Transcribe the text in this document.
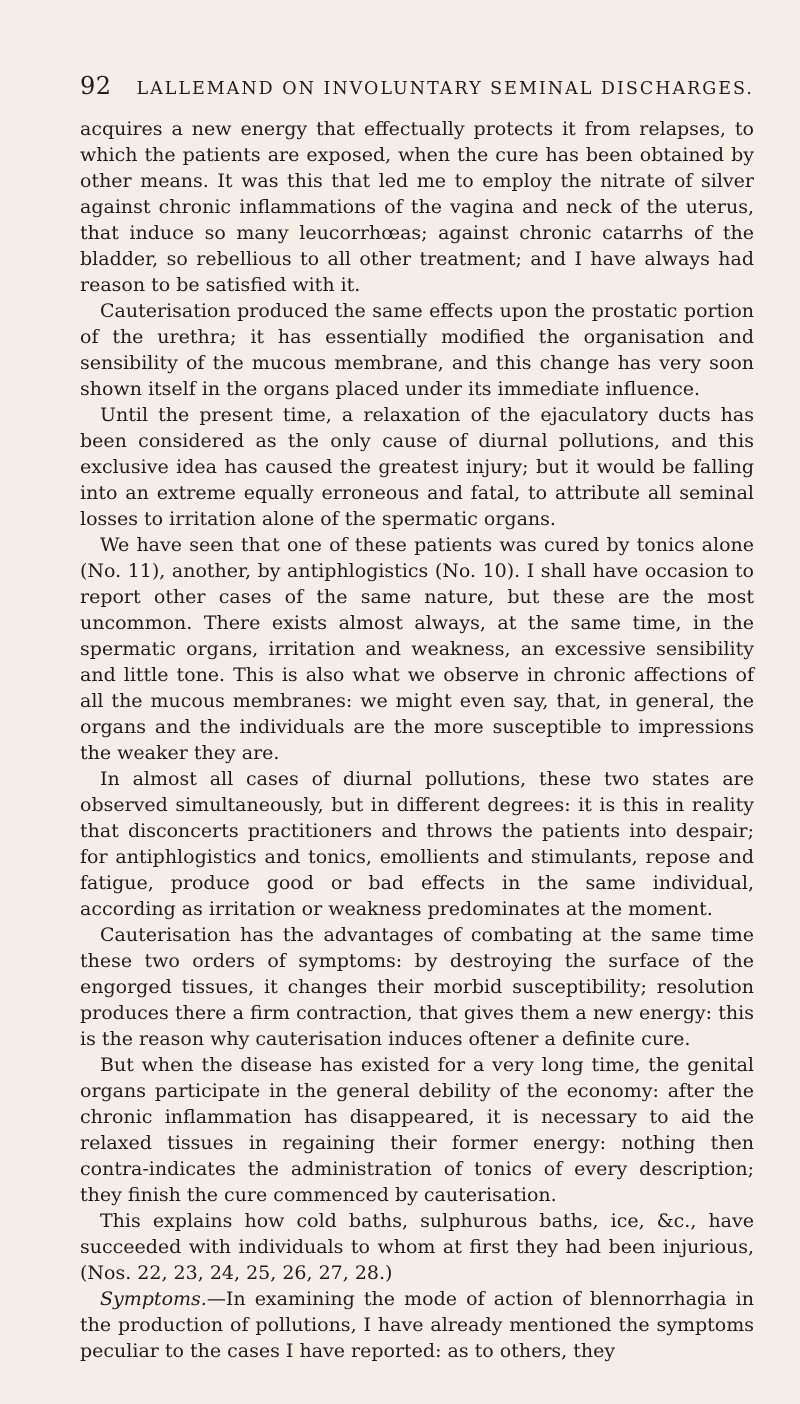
92	LALLEMAND ON INVOLUNTARY SEMINAL DISCHARGES.

acquires a new energy that effectually protects it from relapses, to which the patients are exposed, when the cure has been obtained by other means. It was this that led me to employ the nitrate of silver against chronic inflammations of the vagina and neck of the uterus, that induce so many leucorrhœas; against chronic catarrhs of the bladder, so rebellious to all other treatment; and I have always had reason to be satisfied with it.

Cauterisation produced the same effects upon the prostatic portion of the urethra; it has essentially modified the organisation and sensibility of the mucous membrane, and this change has very soon shown itself in the organs placed under its immediate influence.

Until the present time, a relaxation of the ejaculatory ducts has been considered as the only cause of diurnal pollutions, and this exclusive idea has caused the greatest injury; but it would be falling into an extreme equally erroneous and fatal, to attribute all seminal losses to irritation alone of the spermatic organs.

We have seen that one of these patients was cured by tonics alone (No. 11), another, by antiphlogistics (No. 10). I shall have occasion to report other cases of the same nature, but these are the most uncommon. There exists almost always, at the same time, in the spermatic organs, irritation and weakness, an excessive sensibility and little tone. This is also what we observe in chronic affections of all the mucous membranes: we might even say, that, in general, the organs and the individuals are the more susceptible to impressions the weaker they are.

In almost all cases of diurnal pollutions, these two states are observed simultaneously, but in different degrees: it is this in reality that disconcerts practitioners and throws the patients into despair; for antiphlogistics and tonics, emollients and stimulants, repose and fatigue, produce good or bad effects in the same individual, according as irritation or weakness predominates at the moment.

Cauterisation has the advantages of combating at the same time these two orders of symptoms: by destroying the surface of the engorged tissues, it changes their morbid susceptibility; resolution produces there a firm contraction, that gives them a new energy: this is the reason why cauterisation induces oftener a definite cure.

But when the disease has existed for a very long time, the genital organs participate in the general debility of the economy: after the chronic inflammation has disappeared, it is necessary to aid the relaxed tissues in regaining their former energy: nothing then contra-indicates the administration of tonics of every description; they finish the cure commenced by cauterisation.

This explains how cold baths, sulphurous baths, ice, &c., have succeeded with individuals to whom at first they had been injurious, (Nos. 22, 23, 24, 25, 26, 27, 28.)

Symptoms.—In examining the mode of action of blennorrhagia in the production of pollutions, I have already mentioned the symptoms peculiar to the cases I have reported: as to others, they
